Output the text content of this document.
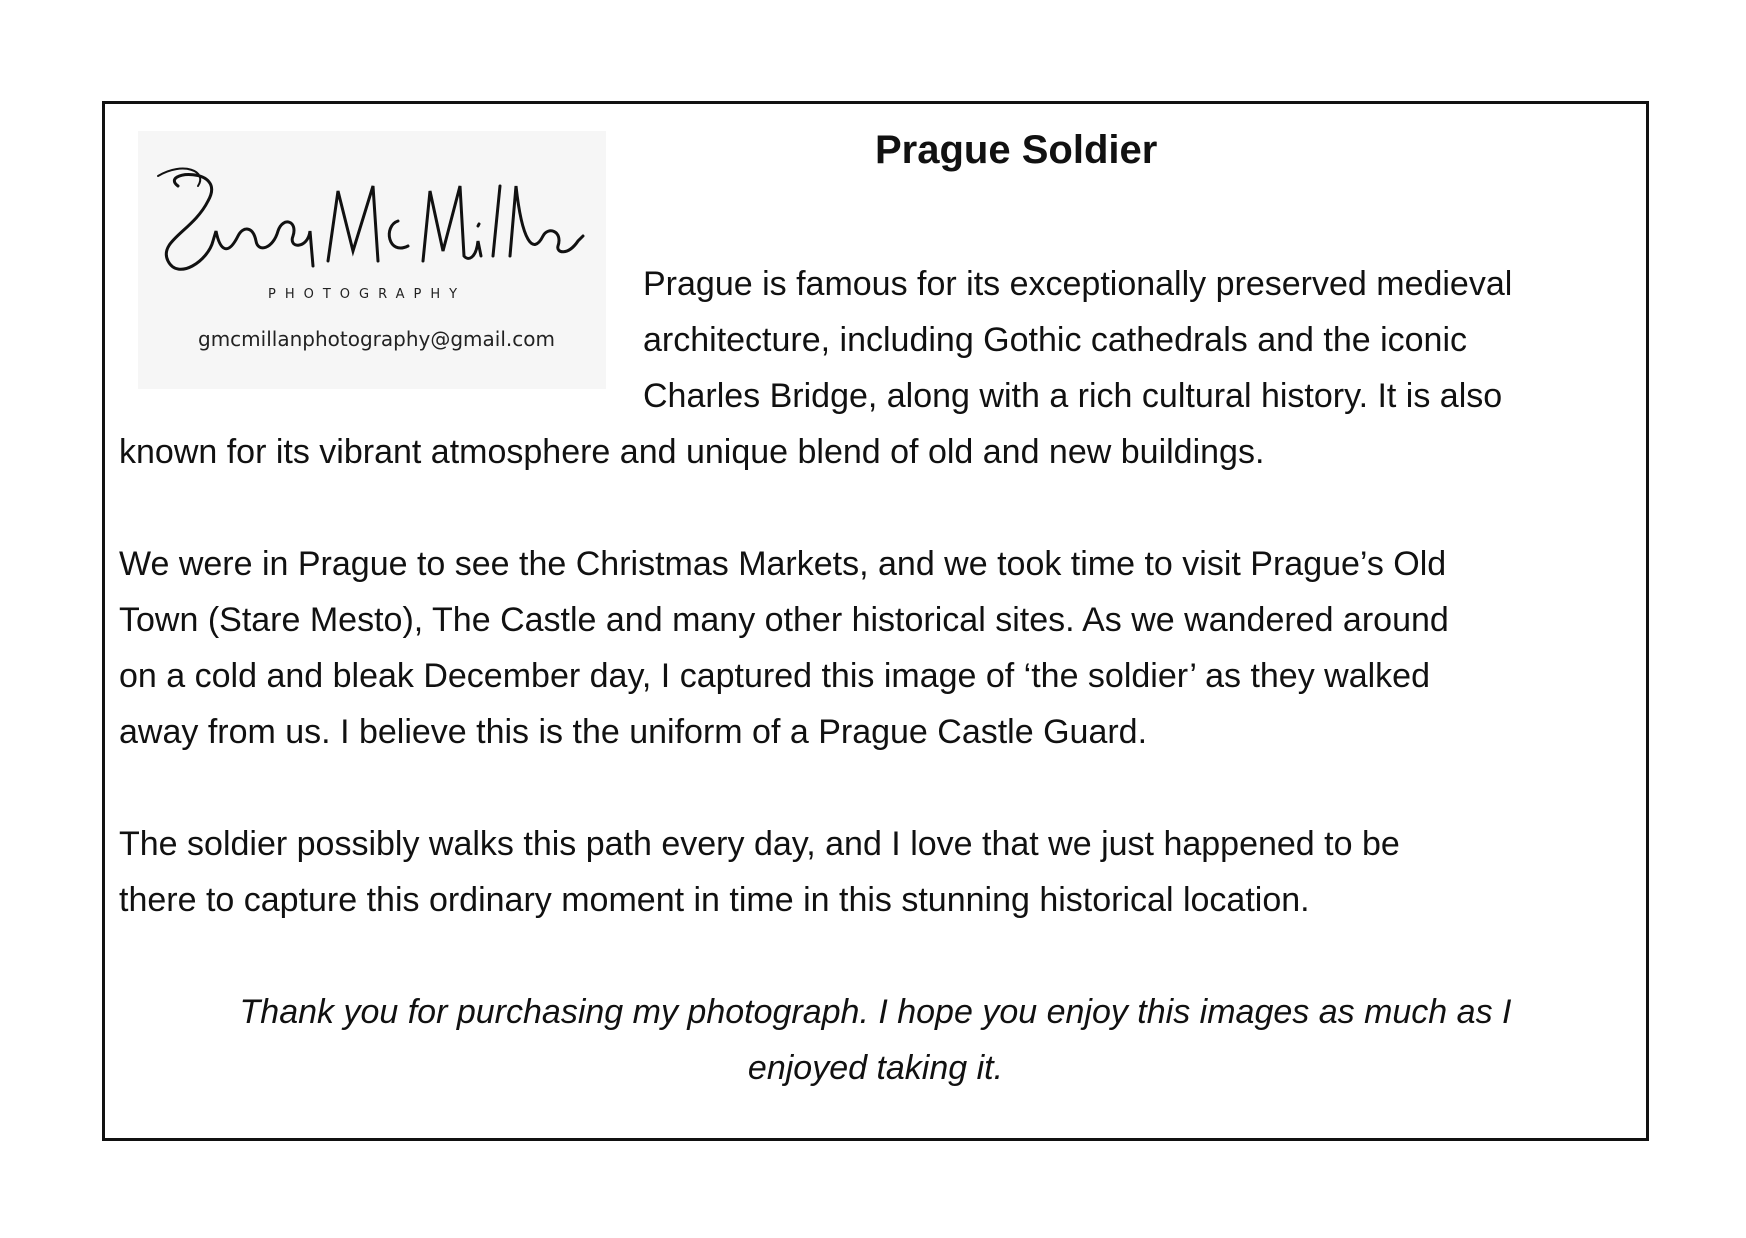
PHOTOGRAPHY
gmcmillanphotography@gmail.com
Prague Soldier

Prague is famous for its exceptionally preserved medieval
architecture, including Gothic cathedrals and the iconic
Charles Bridge, along with a rich cultural history. It is also

known for its vibrant atmosphere and unique blend of old and new buildings.

We were in Prague to see the Christmas Markets, and we took time to visit Prague’s Old
Town (Stare Mesto), The Castle and many other historical sites. As we wandered around
on a cold and bleak December day, I captured this image of ‘the soldier’ as they walked
away from us. I believe this is the uniform of a Prague Castle Guard.

The soldier possibly walks this path every day, and I love that we just happened to be
there to capture this ordinary moment in time in this stunning historical location.

Thank you for purchasing my photograph. I hope you enjoy this images as much as I
enjoyed taking it.
